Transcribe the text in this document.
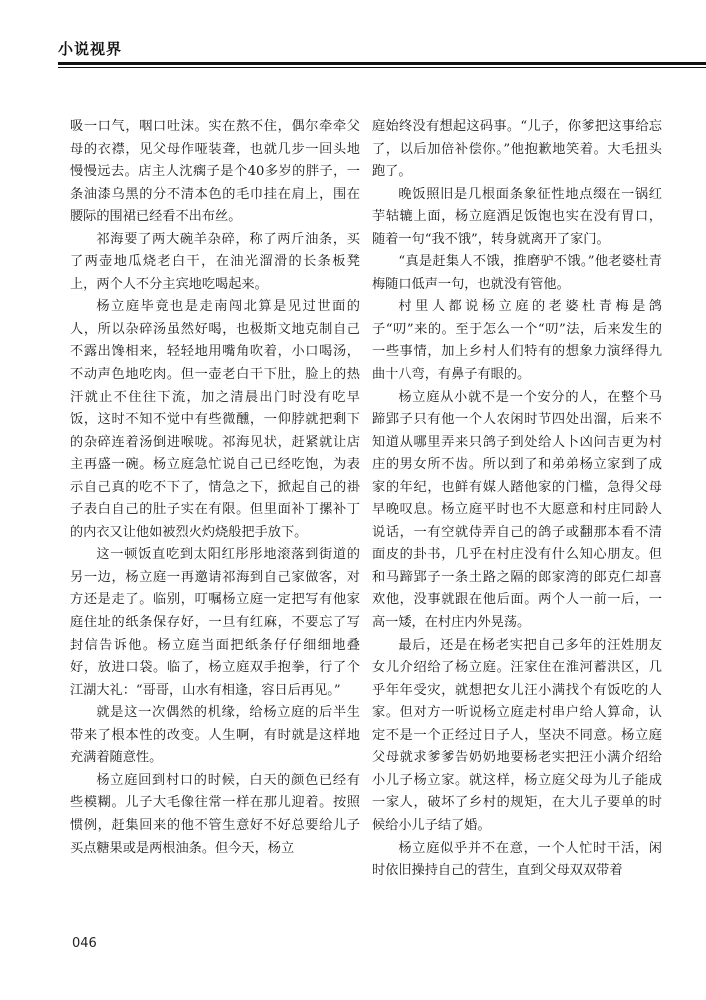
小说视界

吸一口气，咽口吐沫。实在熬不住，偶尔牵牵父母的衣襟，见父母作哑装聋，也就几步一回头地慢慢远去。店主人沈瘸子是个40多岁的胖子，一条油漆乌黑的分不清本色的毛巾挂在肩上，围在腰际的围裙已经看不出布丝。

祁海要了两大碗羊杂碎，称了两斤油条，买了两壶地瓜烧老白干，在油光溜滑的长条板凳上，两个人不分主宾地吃喝起来。

杨立庭毕竟也是走南闯北算是见过世面的人，所以杂碎汤虽然好喝，也极斯文地克制自己不露出馋相来，轻轻地用嘴角吹着，小口喝汤，不动声色地吃肉。但一壶老白干下肚，脸上的热汗就止不住往下流，加之清晨出门时没有吃早饭，这时不知不觉中有些微醺，一仰脖就把剩下的杂碎连着汤倒进喉咙。祁海见状，赶紧就让店主再盛一碗。杨立庭急忙说自己已经吃饱，为表示自己真的吃不下了，情急之下，掀起自己的褂子表白自己的肚子实在有限。但里面补丁摞补丁的内衣又让他如被烈火灼烧般把手放下。

这一顿饭直吃到太阳红彤彤地滚落到街道的另一边，杨立庭一再邀请祁海到自己家做客，对方还是走了。临别，叮嘱杨立庭一定把写有他家庭住址的纸条保存好，一旦有红麻，不要忘了写封信告诉他。杨立庭当面把纸条仔仔细细地叠好，放进口袋。临了，杨立庭双手抱拳，行了个江湖大礼：“哥哥，山水有相逢，容日后再见。”

就是这一次偶然的机缘，给杨立庭的后半生带来了根本性的改变。人生啊，有时就是这样地充满着随意性。

杨立庭回到村口的时候，白天的颜色已经有些模糊。儿子大毛像往常一样在那儿迎着。按照惯例，赶集回来的他不管生意好不好总要给儿子买点糖果或是两根油条。但今天，杨立

庭始终没有想起这码事。“儿子，你爹把这事给忘了，以后加倍补偿你。”他抱歉地笑着。大毛扭头跑了。

晚饭照旧是几根面条象征性地点缀在一锅红芋轱辘上面，杨立庭酒足饭饱也实在没有胃口，随着一句“我不饿”，转身就离开了家门。

“真是赶集人不饿，推磨驴不饿。”他老婆杜青梅随口低声一句，也就没有管他。

村里人都说杨立庭的老婆杜青梅是鸽子“叨”来的。至于怎么一个“叨”法，后来发生的一些事情，加上乡村人们特有的想象力演绎得九曲十八弯，有鼻子有眼的。

杨立庭从小就不是一个安分的人，在整个马蹄郢子只有他一个人农闲时节四处出溜，后来不知道从哪里弄来只鸽子到处给人卜凶问吉更为村庄的男女所不齿。所以到了和弟弟杨立家到了成家的年纪，也鲜有媒人踏他家的门槛，急得父母早晚叹息。杨立庭平时也不大愿意和村庄同龄人说话，一有空就侍弄自己的鸽子或翻那本看不清面皮的卦书，几乎在村庄没有什么知心朋友。但和马蹄郢子一条土路之隔的郎家湾的郎克仁却喜欢他，没事就跟在他后面。两个人一前一后，一高一矮，在村庄内外晃荡。

最后，还是在杨老实把自己多年的汪姓朋友女儿介绍给了杨立庭。汪家住在淮河蓄洪区，几乎年年受灾，就想把女儿汪小满找个有饭吃的人家。但对方一听说杨立庭走村串户给人算命，认定不是一个正经过日子人，坚决不同意。杨立庭父母就求爹爹告奶奶地要杨老实把汪小满介绍给小儿子杨立家。就这样，杨立庭父母为儿子能成一家人，破坏了乡村的规矩，在大儿子要单的时候给小儿子结了婚。

杨立庭似乎并不在意，一个人忙时干活，闲时依旧操持自己的营生，直到父母双双带着

046
